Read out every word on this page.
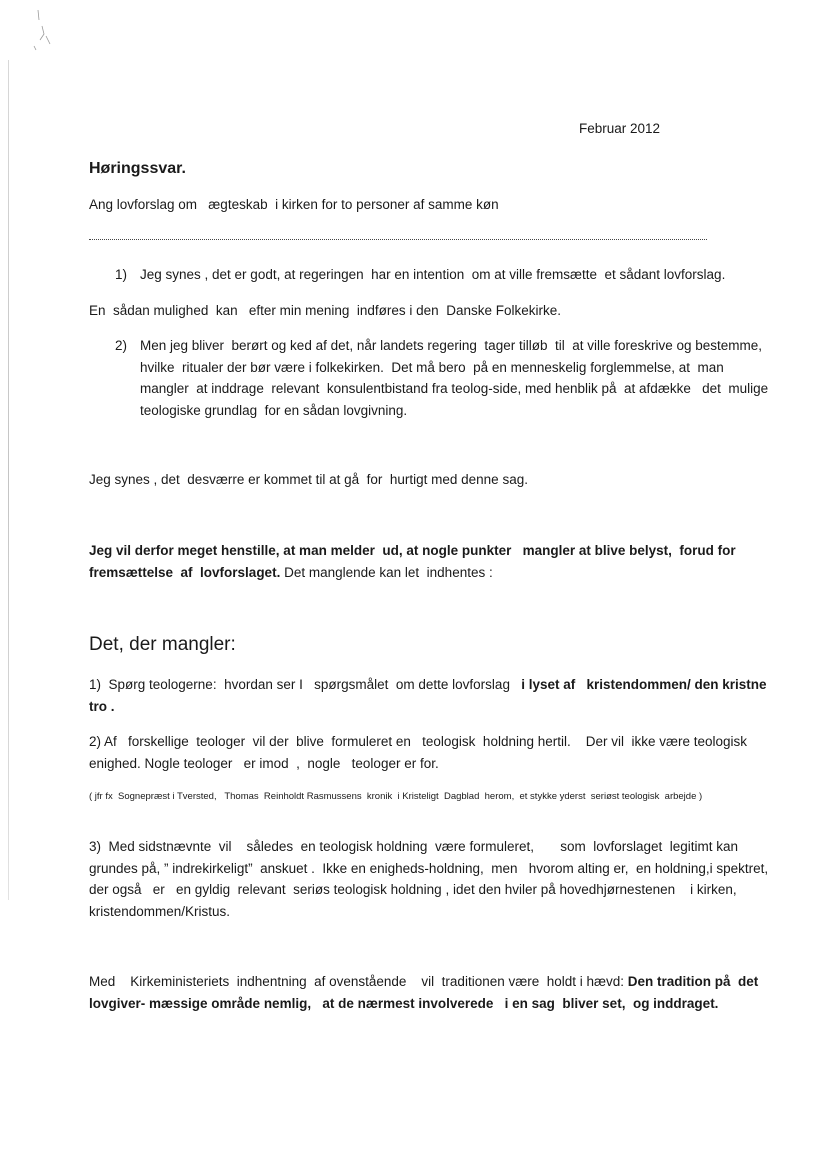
Februar 2012

Høringssvar.

Ang lovforslag om   ægteskab  i kirken for to personer af samme køn

1) Jeg synes , det er godt, at regeringen  har en intention  om at ville fremsætte  et sådant lovforslag.

En  sådan mulighed  kan   efter min mening  indføres i den  Danske Folkekirke.

2) Men jeg bliver  berørt og ked af det, når landets regering  tager tilløb  til  at ville foreskrive og bestemme,  hvilke  ritualer der bør være i folkekirken.  Det må bero  på en menneskelig forglemmelse, at  man mangler  at inddrage  relevant  konsulentbistand fra teolog-side, med henblik på  at afdække   det  mulige  teologiske grundlag  for en sådan lovgivning.

Jeg synes , det  desværre er kommet til at gå  for  hurtigt med denne sag.

Jeg vil derfor meget henstille, at man melder  ud, at nogle punkter   mangler at blive belyst,  forud for fremsættelse  af  lovforslaget. Det manglende kan let  indhentes :

Det, der mangler:

1)  Spørg teologerne:  hvordan ser I   spørgsmålet  om dette lovforslag   i lyset af   kristendommen/ den kristne tro .

2) Af   forskellige  teologer  vil der  blive  formuleret en   teologisk  holdning hertil.    Der vil  ikke være teologisk  enighed. Nogle teologer   er imod  ,  nogle   teologer er for.

( jfr fx  Sognepræst i Tversted,   Thomas  Reinholdt Rasmussens  kronik  i Kristeligt  Dagblad  herom,  et stykke yderst  seriøst teologisk  arbejde )

3)  Med sidstnævnte  vil    således  en teologisk holdning  være formuleret,       som  lovforslaget  legitimt kan grundes på, ” indrekirkeligt”  anskuet .  Ikke en enigheds-holdning,  men   hvorom alting er,  en holdning,i spektret,  der også   er   en gyldig  relevant  seriøs teologisk holdning , idet den hviler på hovedhjørnestenen    i kirken, kristendommen/Kristus.

Med    Kirkeministeriets  indhentning  af ovenstående    vil  traditionen være  holdt i hævd: Den tradition på  det lovgiver- mæssige område nemlig,   at de nærmest involverede   i en sag  bliver set,  og inddraget.
